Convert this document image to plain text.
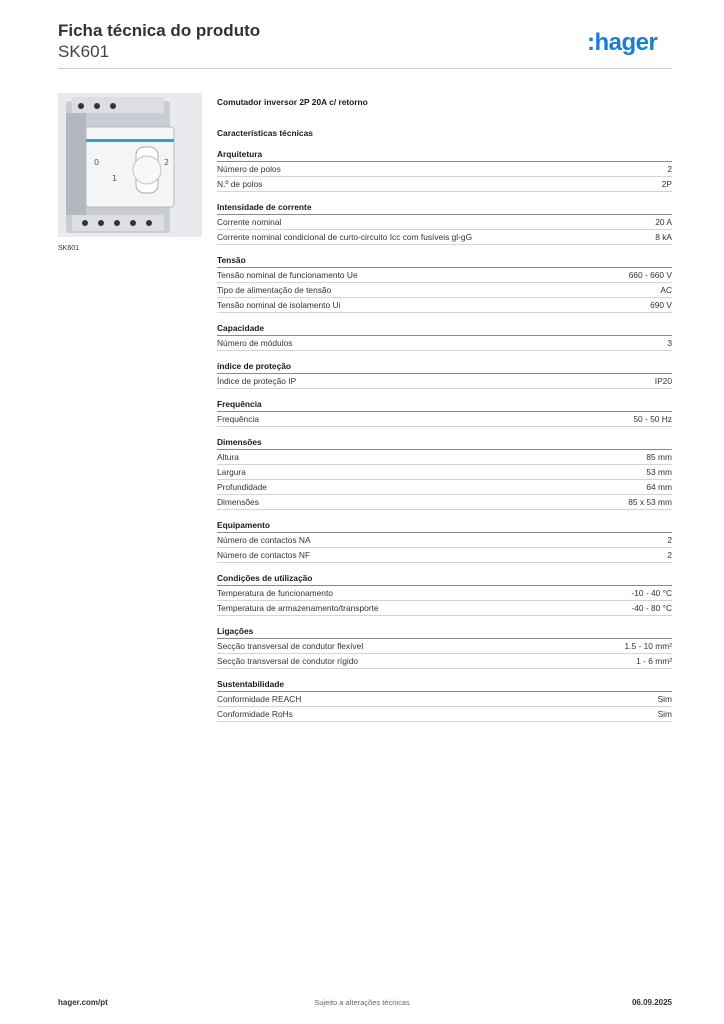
Ficha técnica do produto
SK601	:hager
0
1
2
SK601
Comutador inversor 2P 20A c/ retorno
Características técnicas
Arquitetura
Número de polos	2
N.º de polos	2P
Intensidade de corrente
Corrente nominal	20 A
Corrente nominal condicional de curto-circuito Icc com fusíveis gl-gG	8 kA
Tensão
Tensão nominal de funcionamento Ue	660 - 660 V
Tipo de alimentação de tensão	AC
Tensão nominal de isolamento Ui	690 V
Capacidade
Número de módulos	3
índice de proteção
Índice de proteção IP	IP20
Frequência
Frequência	50 - 50 Hz
Dimensões
Altura	85 mm
Largura	53 mm
Profundidade	64 mm
Dimensões	85 x 53 mm
Equipamento
Número de contactos NA	2
Número de contactos NF	2
Condições de utilização
Temperatura de funcionamento	-10 - 40 °C
Temperatura de armazenamento/transporte	-40 - 80 °C
Ligações
Secção transversal de condutor flexível	1.5 - 10 mm²
Secção transversal de condutor rígido	1 - 6 mm²
Sustentabilidade
Conformidade REACH	Sim
Conformidade RoHs	Sim
hager.com/pt	Sujeito a alterações técnicas	06.09.2025
